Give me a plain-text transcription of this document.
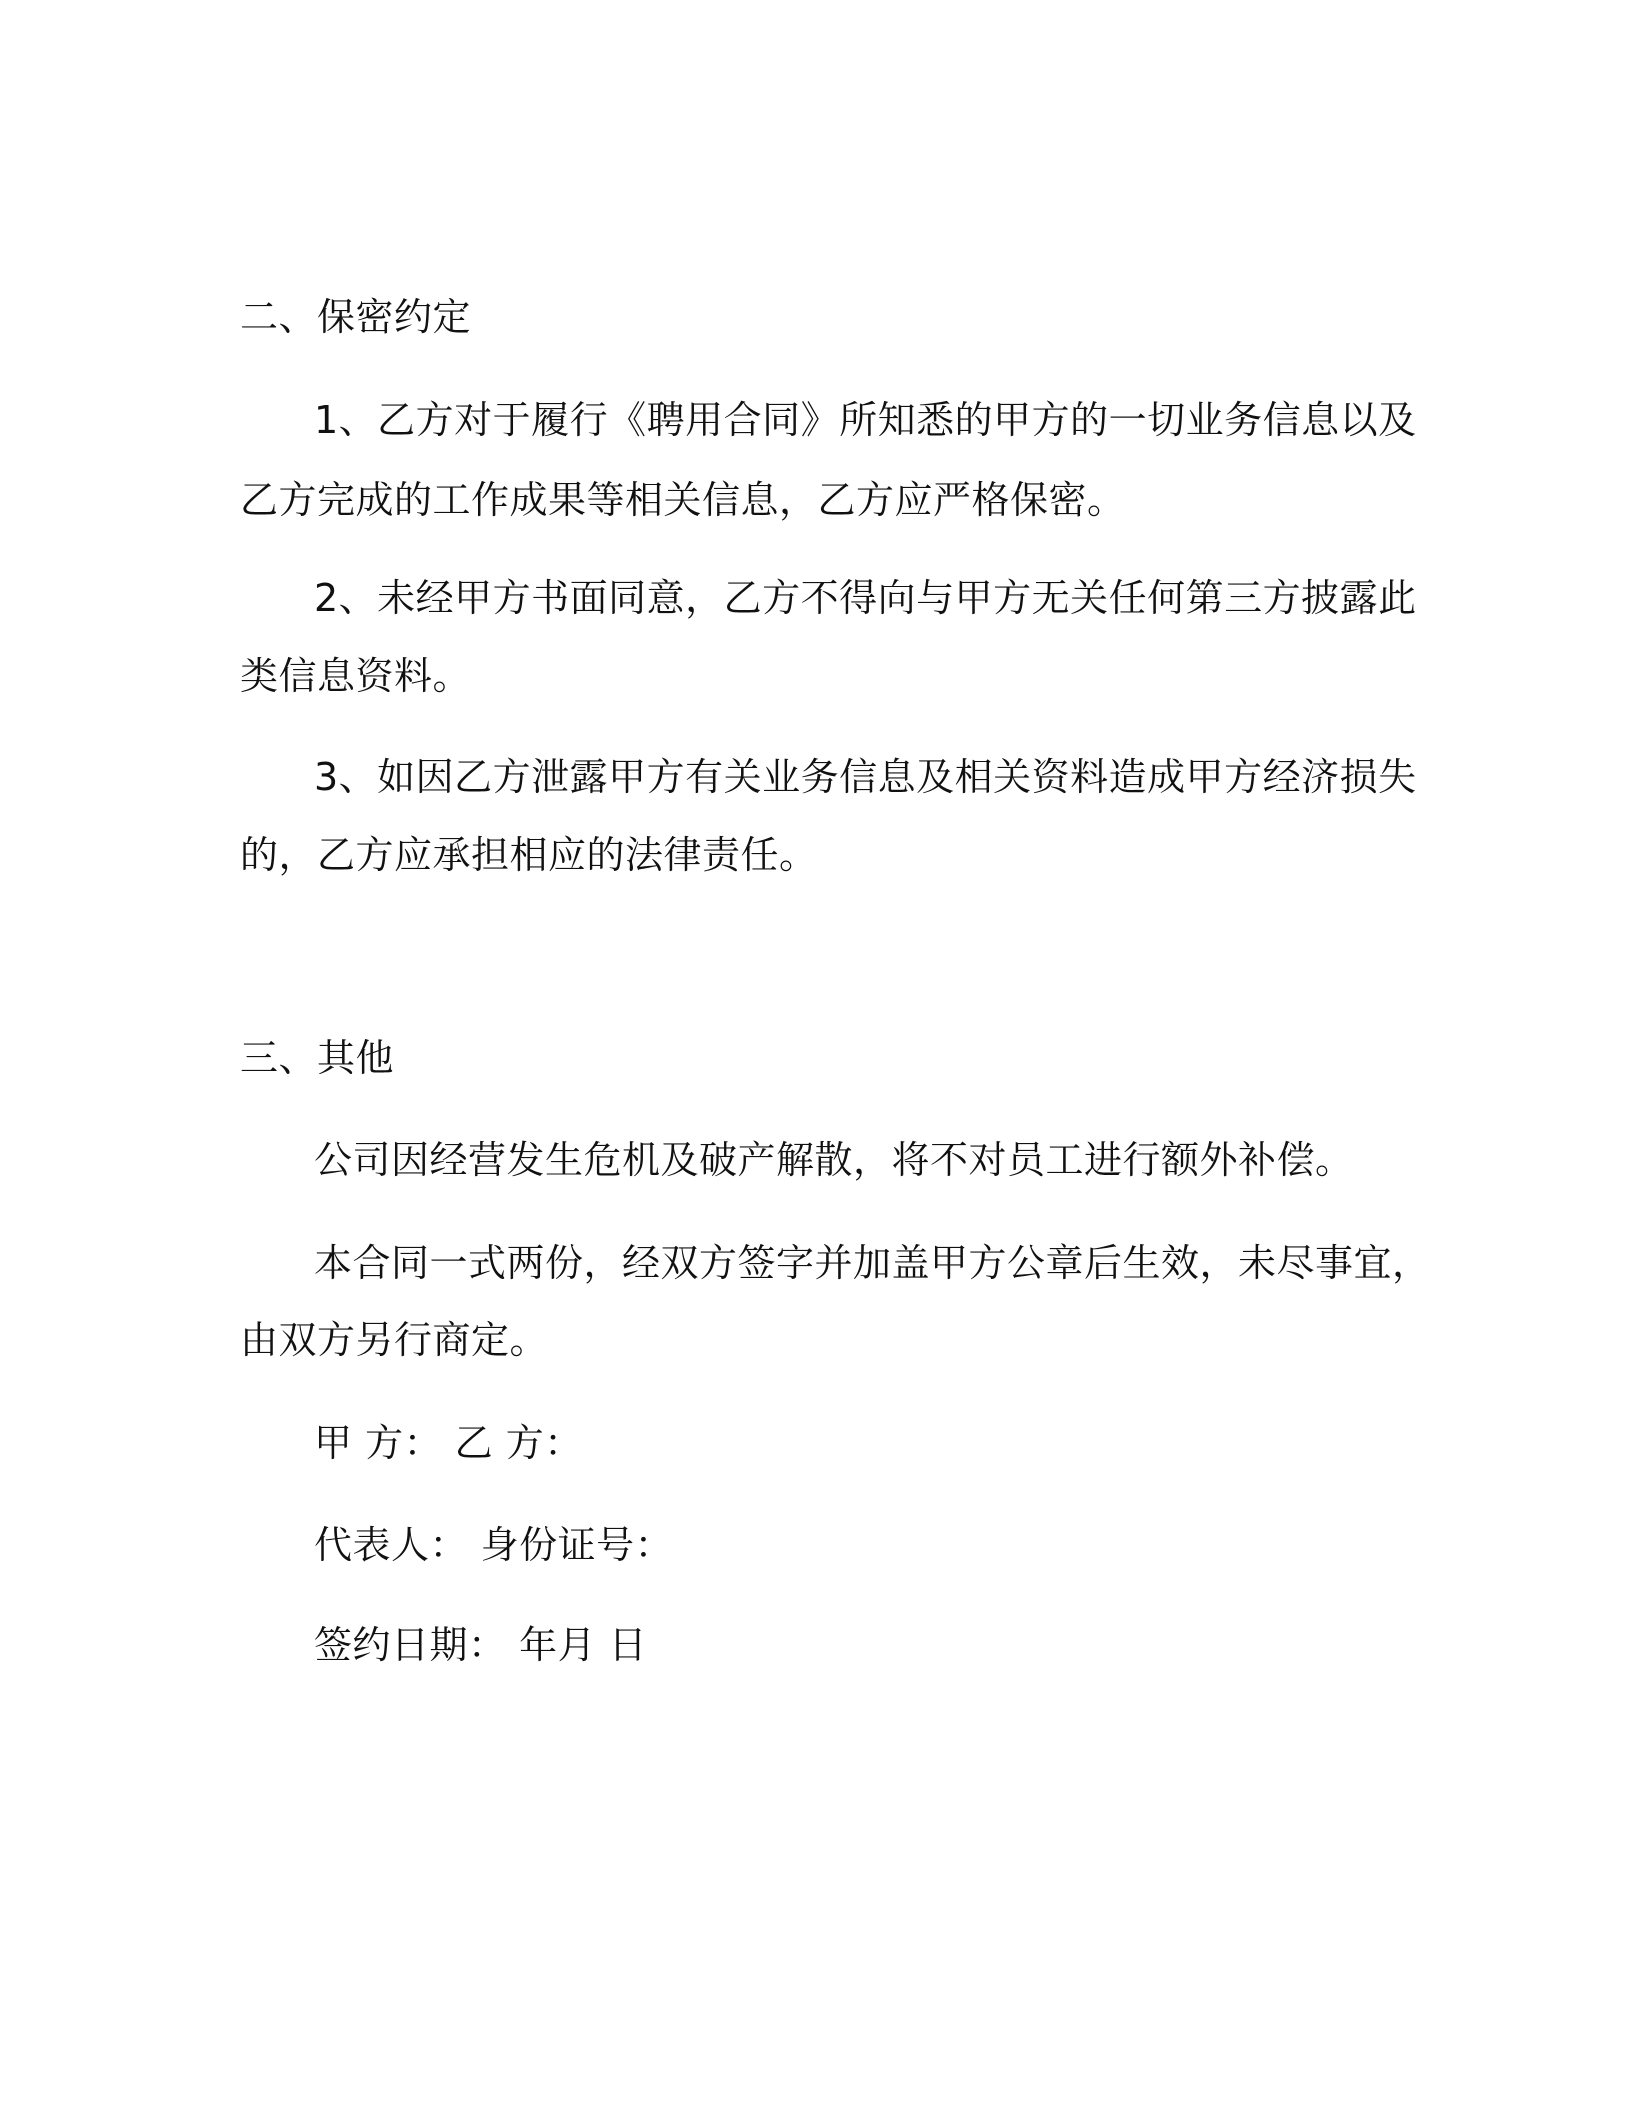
二、保密约定
1、乙方对于履行《聘用合同》所知悉的甲方的一切业务信息以及
乙方完成的工作成果等相关信息，乙方应严格保密。
2、未经甲方书面同意，乙方不得向与甲方无关任何第三方披露此
类信息资料。
3、如因乙方泄露甲方有关业务信息及相关资料造成甲方经济损失
的，乙方应承担相应的法律责任。
三、其他
公司因经营发生危机及破产解散，将不对员工进行额外补偿。
本合同一式两份，经双方签字并加盖甲方公章后生效，未尽事宜，
由双方另行商定。
甲 方： 乙 方：
代表人： 身份证号：
签约日期： 年月 日
